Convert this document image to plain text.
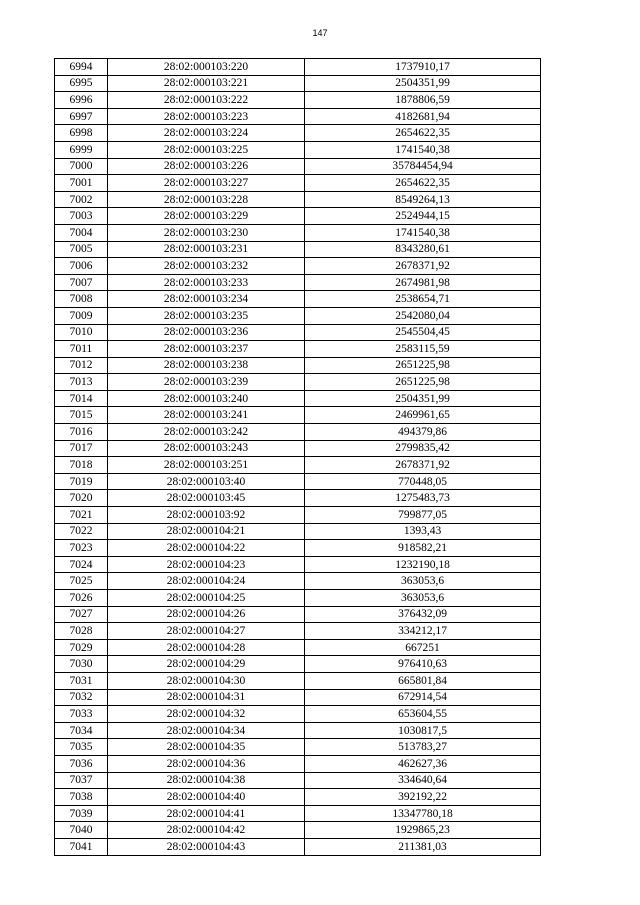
147
6994	28:02:000103:220	1737910,17
6995	28:02:000103:221	2504351,99
6996	28:02:000103:222	1878806,59
6997	28:02:000103:223	4182681,94
6998	28:02:000103:224	2654622,35
6999	28:02:000103:225	1741540,38
7000	28:02:000103:226	35784454,94
7001	28:02:000103:227	2654622,35
7002	28:02:000103:228	8549264,13
7003	28:02:000103:229	2524944,15
7004	28:02:000103:230	1741540,38
7005	28:02:000103:231	8343280,61
7006	28:02:000103:232	2678371,92
7007	28:02:000103:233	2674981,98
7008	28:02:000103:234	2538654,71
7009	28:02:000103:235	2542080,04
7010	28:02:000103:236	2545504,45
7011	28:02:000103:237	2583115,59
7012	28:02:000103:238	2651225,98
7013	28:02:000103:239	2651225,98
7014	28:02:000103:240	2504351,99
7015	28:02:000103:241	2469961,65
7016	28:02:000103:242	494379,86
7017	28:02:000103:243	2799835,42
7018	28:02:000103:251	2678371,92
7019	28:02:000103:40	770448,05
7020	28:02:000103:45	1275483,73
7021	28:02:000103:92	799877,05
7022	28:02:000104:21	1393,43
7023	28:02:000104:22	918582,21
7024	28:02:000104:23	1232190,18
7025	28:02:000104:24	363053,6
7026	28:02:000104:25	363053,6
7027	28:02:000104:26	376432,09
7028	28:02:000104:27	334212,17
7029	28:02:000104:28	667251
7030	28:02:000104:29	976410,63
7031	28:02:000104:30	665801,84
7032	28:02:000104:31	672914,54
7033	28:02:000104:32	653604,55
7034	28:02:000104:34	1030817,5
7035	28:02:000104:35	513783,27
7036	28:02:000104:36	462627,36
7037	28:02:000104:38	334640,64
7038	28:02:000104:40	392192,22
7039	28:02:000104:41	13347780,18
7040	28:02:000104:42	1929865,23
7041	28:02:000104:43	211381,03
